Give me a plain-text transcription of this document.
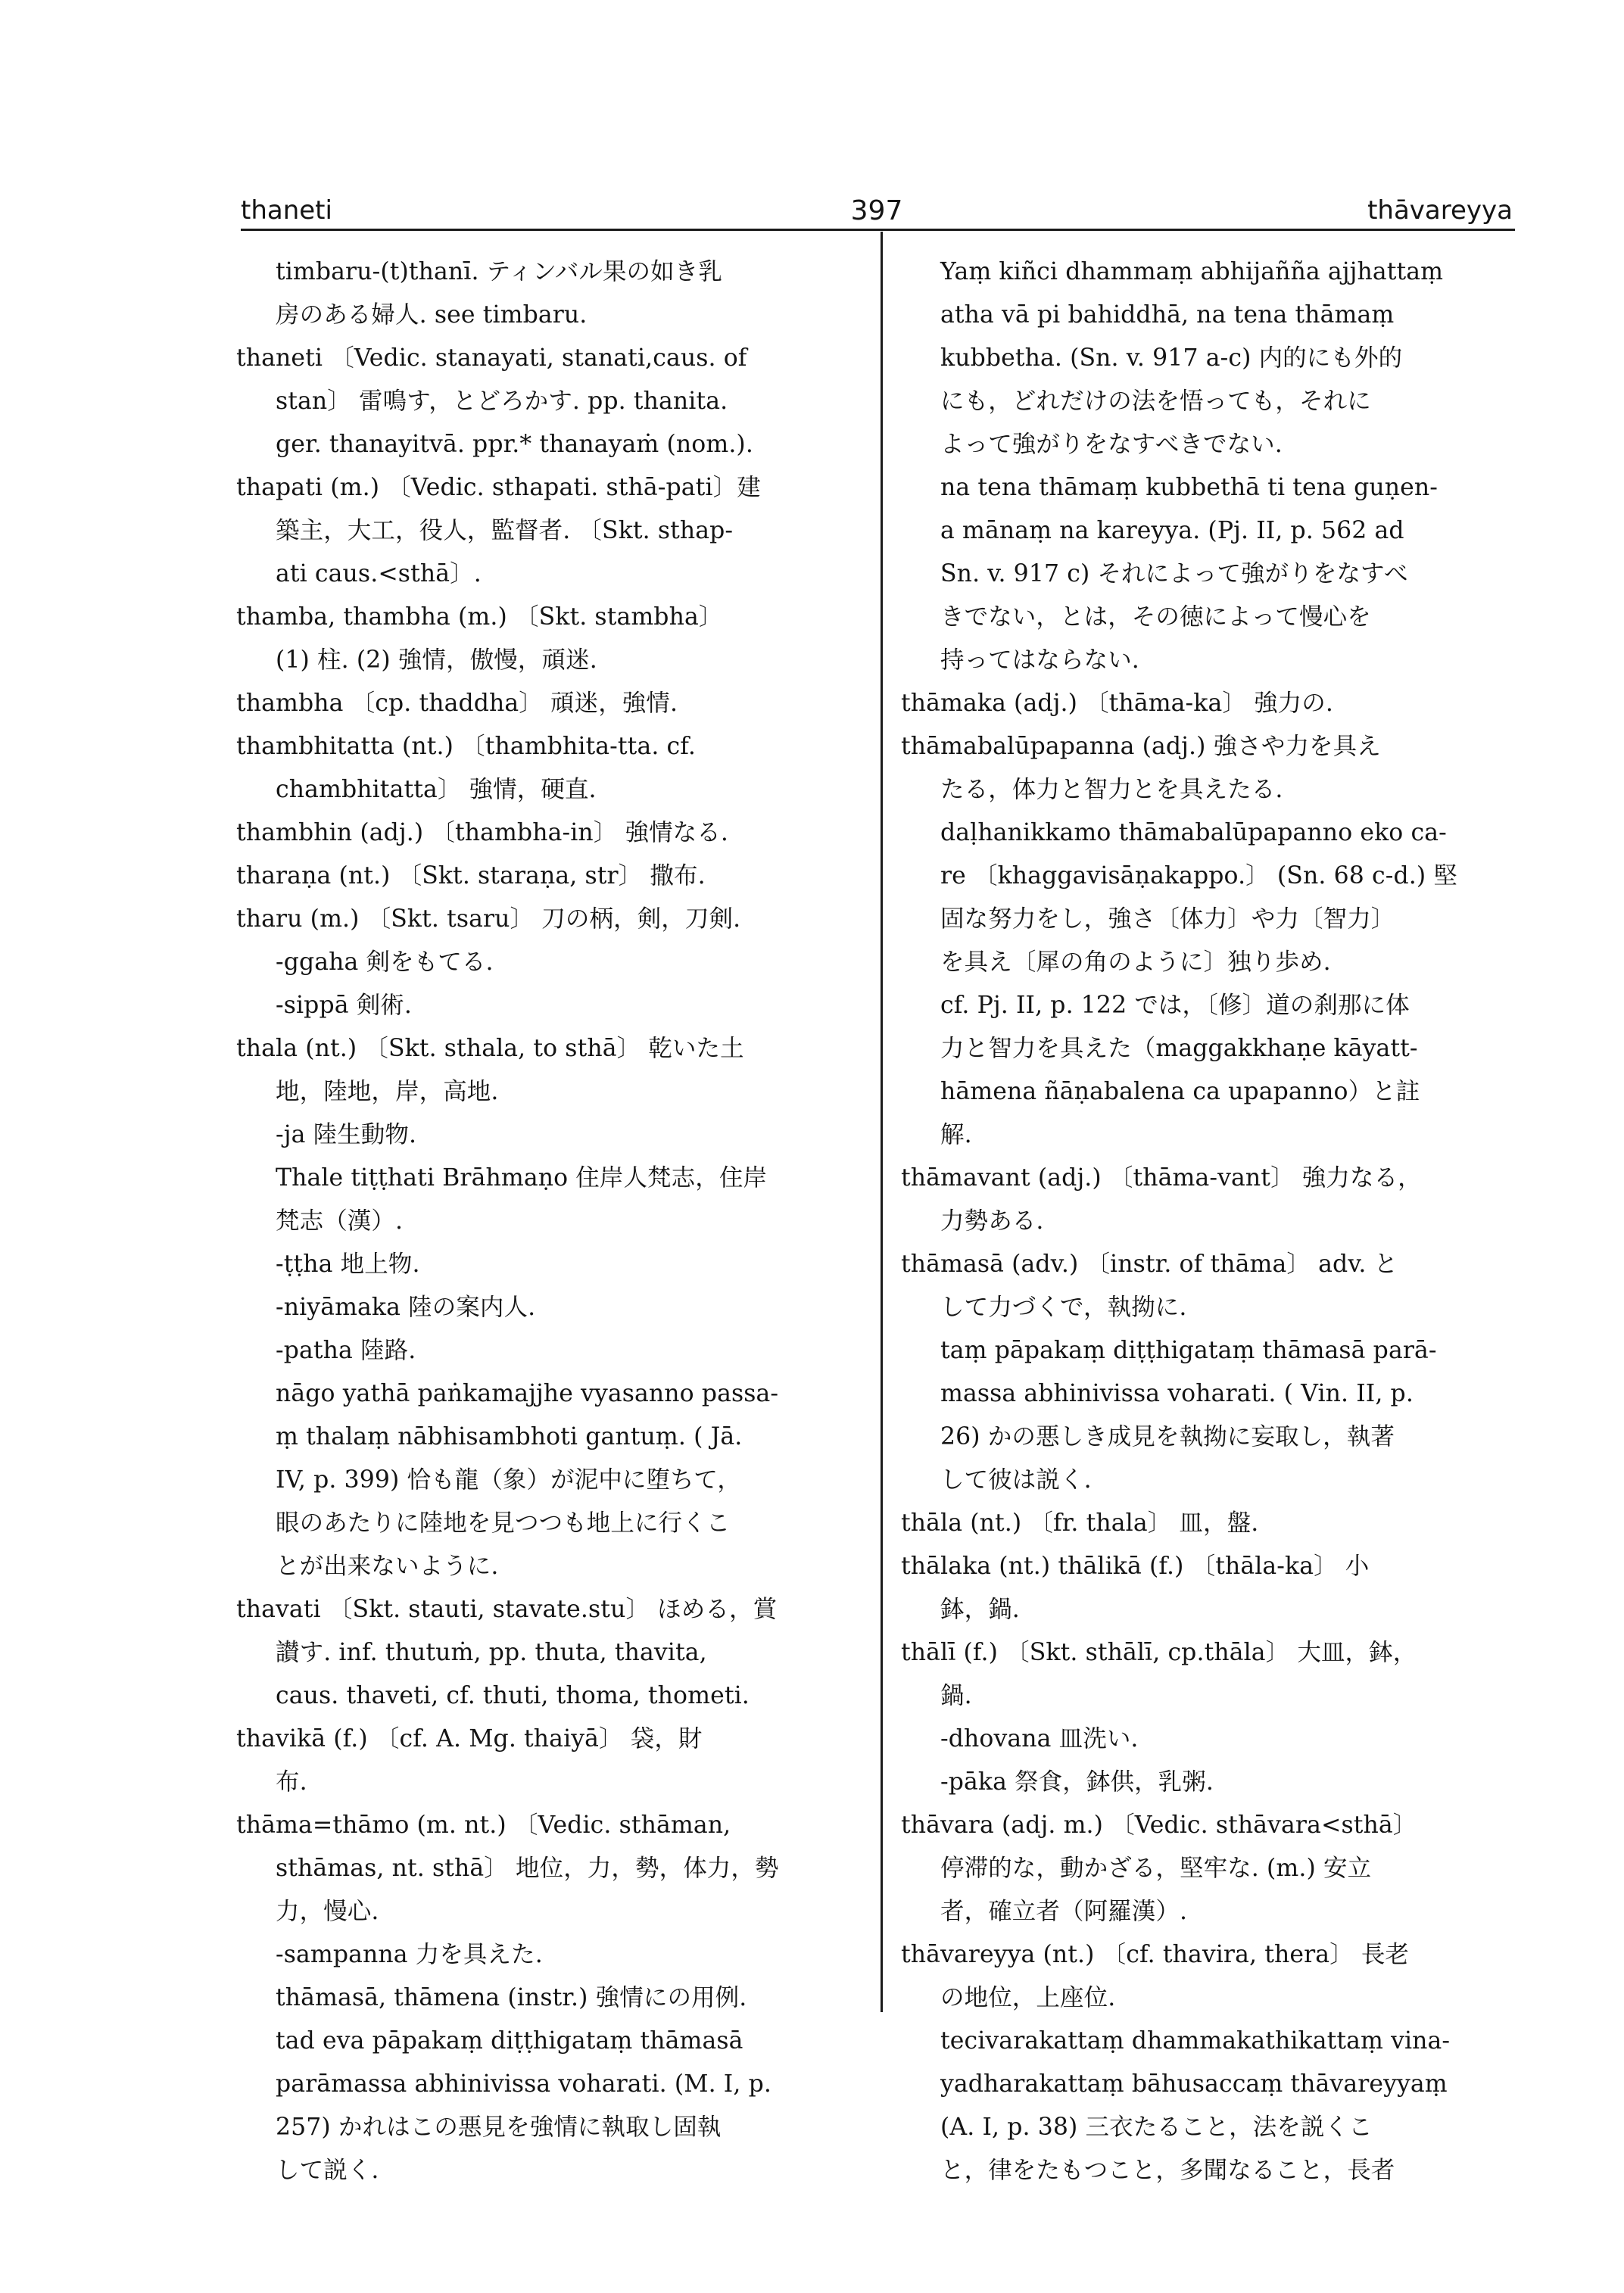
thaneti	397	thāvareyya
timbaru-(t)thanī. ティンバル果の如き乳
房のある婦人. see timbaru.
thaneti 〔Vedic. stanayati, stanati,caus. of
stan〕 雷鳴す，とどろかす. pp. thanita.
ger. thanayitvā. ppr.* thanayaṁ (nom.).
thapati (m.) 〔Vedic. sthapati. sthā-pati〕建
築主，大工，役人，監督者. 〔Skt. sthap-
ati caus.<sthā〕.
thamba, thambha (m.) 〔Skt. stambha〕
(1) 柱. (2) 強情，傲慢，頑迷.
thambha 〔cp. thaddha〕 頑迷，強情.
thambhitatta (nt.) 〔thambhita-tta. cf.
chambhitatta〕 強情，硬直.
thambhin (adj.) 〔thambha-in〕 強情なる.
tharaṇa (nt.) 〔Skt. staraṇa, str〕 撒布.
tharu (m.) 〔Skt. tsaru〕 刀の柄，剣，刀剣.
-ggaha 剣をもてる.
-sippā 剣術.
thala (nt.) 〔Skt. sthala, to sthā〕 乾いた土
地，陸地，岸，高地.
-ja 陸生動物.
Thale tiṭṭhati Brāhmaṇo 住岸人梵志，住岸
梵志（漢）.
-ṭṭha 地上物.
-niyāmaka 陸の案内人.
-patha 陸路.
nāgo yathā paṅkamajjhe vyasanno passa-
ṃ thalaṃ nābhisambhoti gantuṃ. ( Jā.
IV, p. 399) 恰も龍（象）が泥中に堕ちて，
眼のあたりに陸地を見つつも地上に行くこ
とが出来ないように.
thavati 〔Skt. stauti, stavate.stu〕 ほめる，賞
讃す. inf. thutuṁ, pp. thuta, thavita,
caus. thaveti, cf. thuti, thoma, thometi.
thavikā (f.) 〔cf. A. Mg. thaiyā〕 袋，財
布.
thāma=thāmo (m. nt.) 〔Vedic. sthāman,
sthāmas, nt. sthā〕 地位，力，勢，体力，勢
力，慢心.
-sampanna 力を具えた.
thāmasā, thāmena (instr.) 強情にの用例.
tad eva pāpakaṃ diṭṭhigataṃ thāmasā
parāmassa abhinivissa voharati. (M. I, p.
257) かれはこの悪見を強情に執取し固執
して説く.
Yaṃ kiñci dhammaṃ abhijañña ajjhattaṃ
atha vā pi bahiddhā, na tena thāmaṃ
kubbetha. (Sn. v. 917 a-c) 内的にも外的
にも，どれだけの法を悟っても，それに
よって強がりをなすべきでない.
na tena thāmaṃ kubbethā ti tena guṇen-
a mānaṃ na kareyya. (Pj. II, p. 562 ad
Sn. v. 917 c) それによって強がりをなすべ
きでない，とは，その徳によって慢心を
持ってはならない.
thāmaka (adj.) 〔thāma-ka〕 強力の.
thāmabalūpapanna (adj.) 強さや力を具え
たる，体力と智力とを具えたる.
daḷhanikkamo thāmabalūpapanno eko ca-
re 〔khaggavisāṇakappo.〕 (Sn. 68 c-d.) 堅
固な努力をし，強さ〔体力〕や力〔智力〕
を具え〔犀の角のように〕独り歩め.
cf. Pj. II, p. 122 では，〔修〕道の刹那に体
力と智力を具えた（maggakkhaṇe kāyatt-
hāmena ñāṇabalena ca upapanno）と註
解.
thāmavant (adj.) 〔thāma-vant〕 強力なる，
力勢ある.
thāmasā (adv.) 〔instr. of thāma〕 adv. と
して力づくで，執拗に.
taṃ pāpakaṃ diṭṭhigataṃ thāmasā parā-
massa abhinivissa voharati. ( Vin. II, p.
26) かの悪しき成見を執拗に妄取し，執著
して彼は説く.
thāla (nt.) 〔fr. thala〕 皿，盤.
thālaka (nt.) thālikā (f.) 〔thāla-ka〕 小
鉢，鍋.
thālī (f.) 〔Skt. sthālī, cp.thāla〕 大皿，鉢，
鍋.
-dhovana 皿洗い.
-pāka 祭食，鉢供，乳粥.
thāvara (adj. m.) 〔Vedic. sthāvara<sthā〕
停滞的な，動かざる，堅牢な. (m.) 安立
者，確立者（阿羅漢）.
thāvareyya (nt.) 〔cf. thavira, thera〕 長老
の地位，上座位.
tecivarakattaṃ dhammakathikattaṃ vina-
yadharakattaṃ bāhusaccaṃ thāvareyyaṃ
(A. I, p. 38) 三衣たること，法を説くこ
と，律をたもつこと，多聞なること，長者
